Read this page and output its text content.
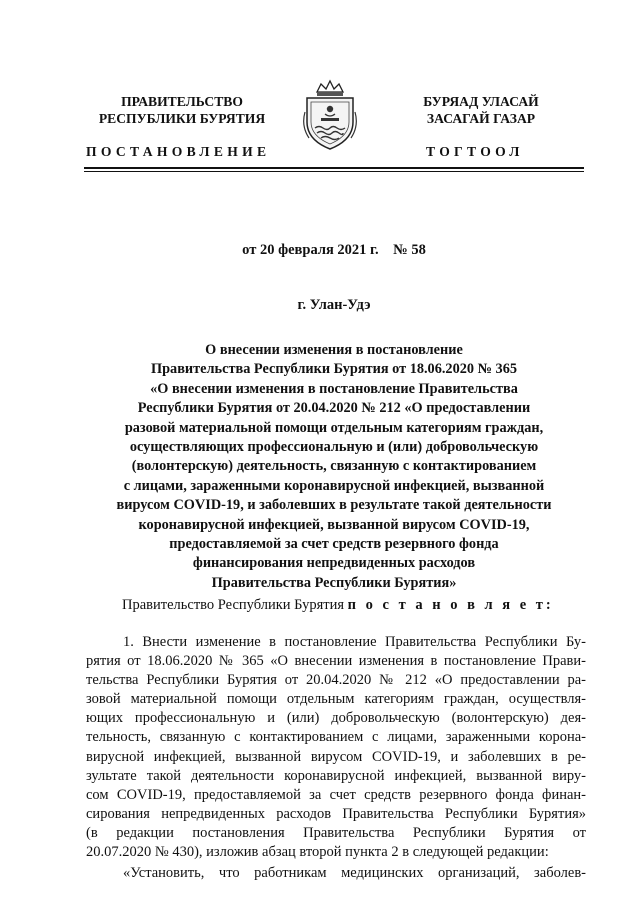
ПРАВИТЕЛЬСТВО
РЕСПУБЛИКИ БУРЯТИЯ
БУРЯАД УЛАСАЙ
ЗАСАГАЙ ГАЗАР
ПОСТАНОВЛЕНИЕ	ТОГТООЛ
от 20 февраля 2021 г.    № 58
г. Улан-Удэ
О внесении изменения в постановление
Правительства Республики Бурятия от 18.06.2020 № 365
«О внесении изменения в постановление Правительства
Республики Бурятия от 20.04.2020 № 212 «О предоставлении
разовой материальной помощи отдельным категориям граждан,
осуществляющих профессиональную и (или) добровольческую
(волонтерскую) деятельность, связанную с контактированием
с лицами, зараженными коронавирусной инфекцией, вызванной
вирусом COVID-19, и заболевших в результате такой деятельности
коронавирусной инфекцией, вызванной вирусом COVID-19,
предоставляемой за счет средств резервного фонда
финансирования непредвиденных расходов
Правительства Республики Бурятия»
Правительство Республики Бурятия п о с т а н о в л я е т:
1. Внести изменение в постановление Правительства Республики Бу-
рятия от 18.06.2020 № 365 «О внесении изменения в постановление Прави-
тельства Республики Бурятия от 20.04.2020 № 212 «О предоставлении ра-
зовой материальной помощи отдельным категориям граждан, осуществля-
ющих профессиональную и (или) добровольческую (волонтерскую) дея-
тельность, связанную с контактированием с лицами, зараженными корона-
вирусной инфекцией, вызванной вирусом COVID-19, и заболевших в ре-
зультате такой деятельности коронавирусной инфекцией, вызванной виру-
сом COVID-19, предоставляемой за счет средств резервного фонда финан-
сирования непредвиденных расходов Правительства Республики Бурятия»
(в   редакции   постановления   Правительства   Республики   Бурятия   от
20.07.2020 № 430), изложив абзац второй пункта 2 в следующей редакции:
«Установить,  что  работникам  медицинских  организаций,  заболев-
